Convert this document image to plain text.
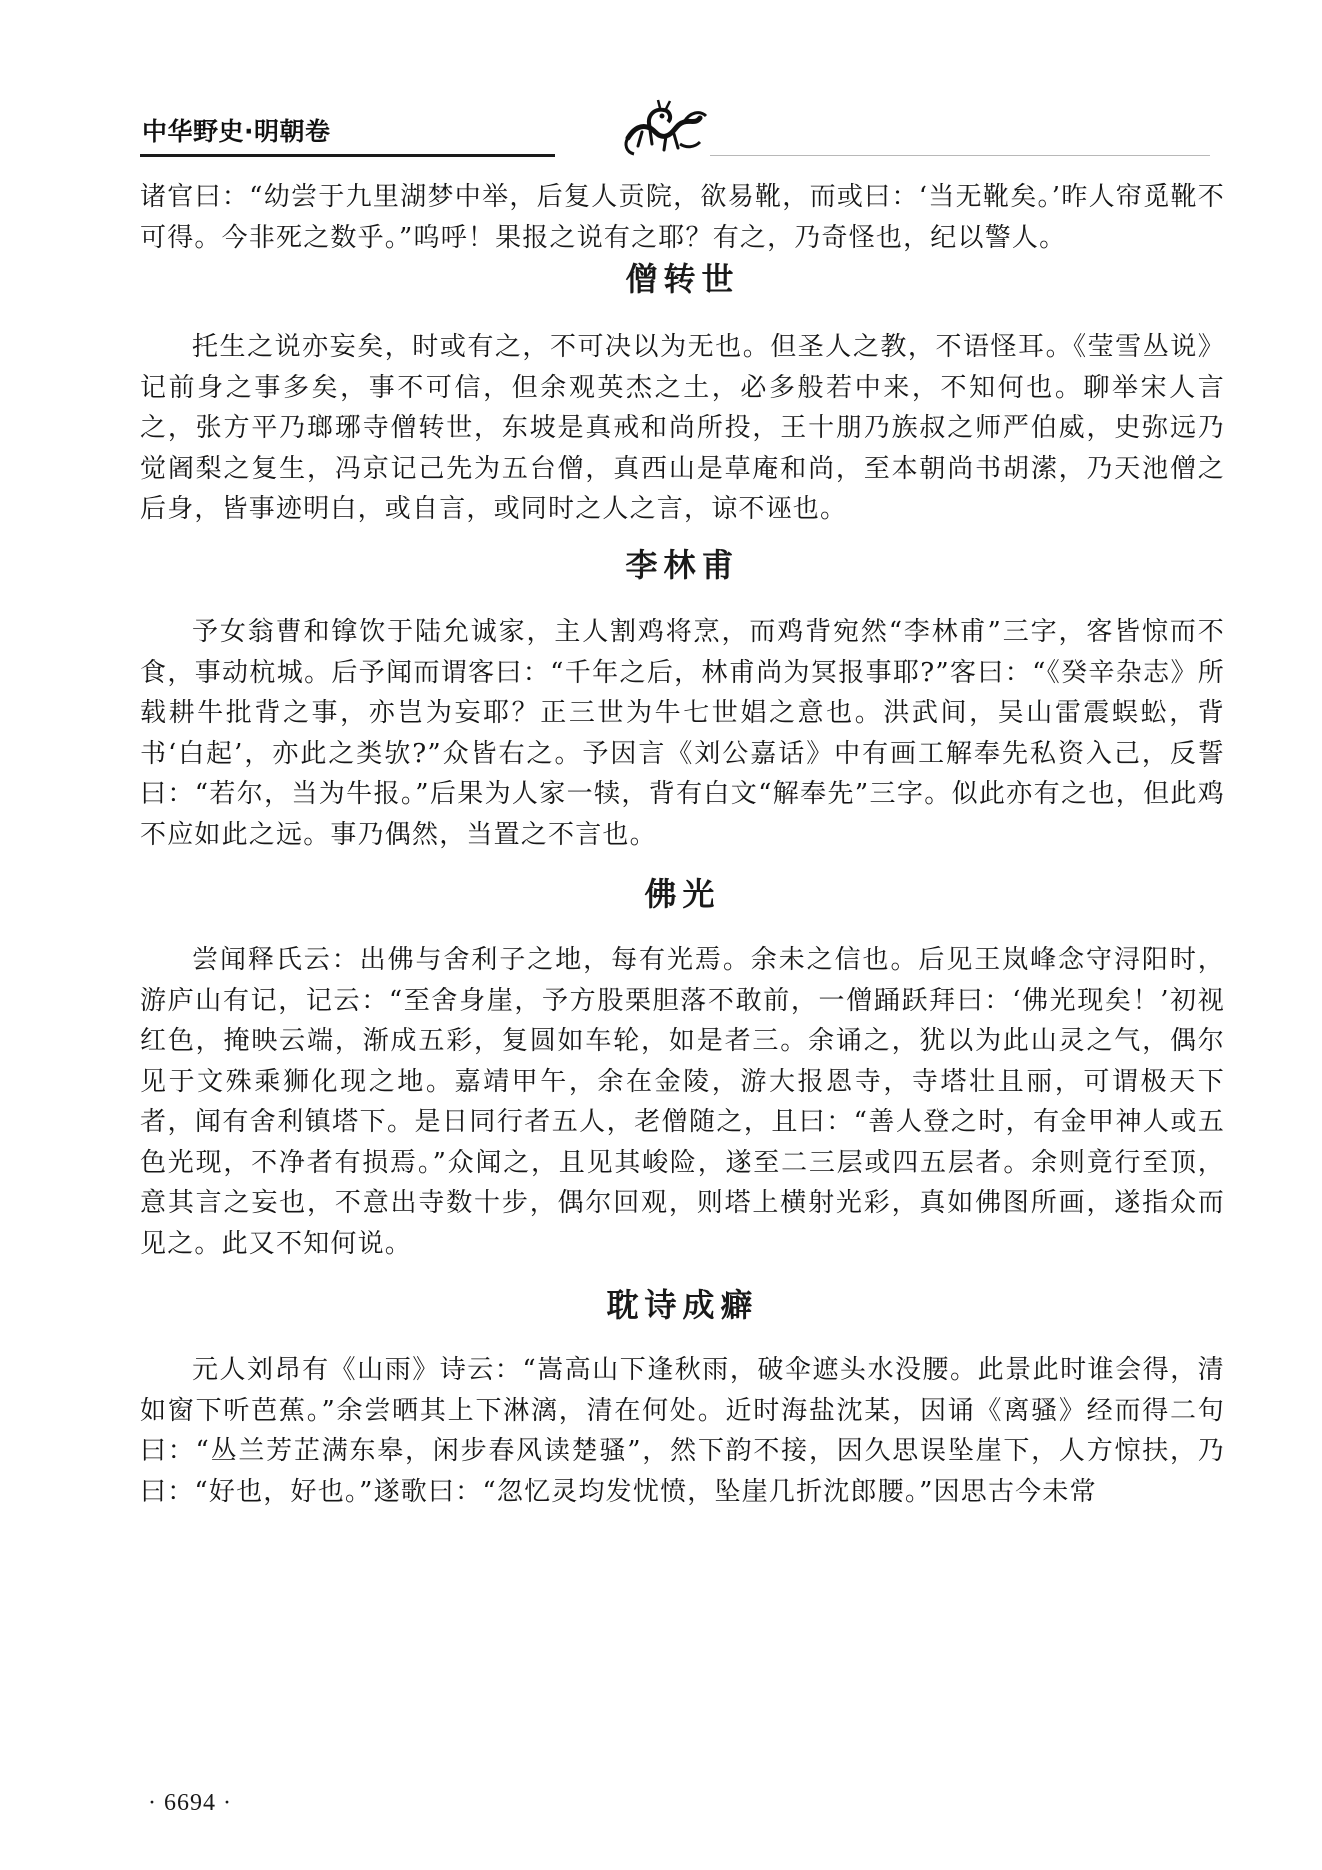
中华野史·明朝卷

诸官曰：“幼尝于九里湖梦中举，后复人贡院，欲易靴，而或曰：‘当无靴矣。’昨人帘觅靴不可得。今非死之数乎。”呜呼！果报之说有之耶？有之，乃奇怪也，纪以警人。

僧转世

托生之说亦妄矣，时或有之，不可决以为无也。但圣人之教，不语怪耳。《莹雪丛说》记前身之事多矣，事不可信，但余观英杰之土，必多般若中来，不知何也。聊举宋人言之，张方平乃瑯琊寺僧转世，东坡是真戒和尚所投，王十朋乃族叔之师严伯威，史弥远乃觉阇梨之复生，冯京记己先为五台僧，真西山是草庵和尚，至本朝尚书胡潆，乃天池僧之后身，皆事迹明白，或自言，或同时之人之言，谅不诬也。

李林甫

予女翁曹和镎饮于陆允诚家，主人割鸡将烹，而鸡背宛然“李林甫”三字，客皆惊而不食，事动杭城。后予闻而谓客曰：“千年之后，林甫尚为冥报事耶?”客曰：“《癸辛杂志》所载耕牛批背之事，亦岂为妄耶？正三世为牛七世娼之意也。洪武间，吴山雷震蜈蚣，背书‘白起’，亦此之类欤?”众皆右之。予因言《刘公嘉话》中有画工解奉先私资入己，反誓曰：“若尔，当为牛报。”后果为人家一犊，背有白文“解奉先”三字。似此亦有之也，但此鸡不应如此之远。事乃偶然，当置之不言也。

佛光

尝闻释氏云：出佛与舍利子之地，每有光焉。余未之信也。后见王岚峰念守浔阳时，游庐山有记，记云：“至舍身崖，予方股栗胆落不敢前，一僧踊跃拜曰：‘佛光现矣！’初视红色，掩映云端，渐成五彩，复圆如车轮，如是者三。余诵之，犹以为此山灵之气，偶尔见于文殊乘狮化现之地。嘉靖甲午，余在金陵，游大报恩寺，寺塔壮且丽，可谓极天下者，闻有舍利镇塔下。是日同行者五人，老僧随之，且曰：“善人登之时，有金甲神人或五色光现，不净者有损焉。”众闻之，且见其峻险，遂至二三层或四五层者。余则竟行至顶，意其言之妄也，不意出寺数十步，偶尔回观，则塔上横射光彩，真如佛图所画，遂指众而见之。此又不知何说。

耽诗成癖

元人刘昂有《山雨》诗云：“嵩高山下逢秋雨，破伞遮头水没腰。此景此时谁会得，清如窗下听芭蕉。”余尝晒其上下淋漓，清在何处。近时海盐沈某，因诵《离骚》经而得二句曰：“丛兰芳芷满东皋，闲步春风读楚骚”，然下韵不接，因久思误坠崖下，人方惊扶，乃曰：“好也，好也。”遂歌曰：“忽忆灵均发忧愤，坠崖几折沈郎腰。”因思古今未常

· 6694 ·
